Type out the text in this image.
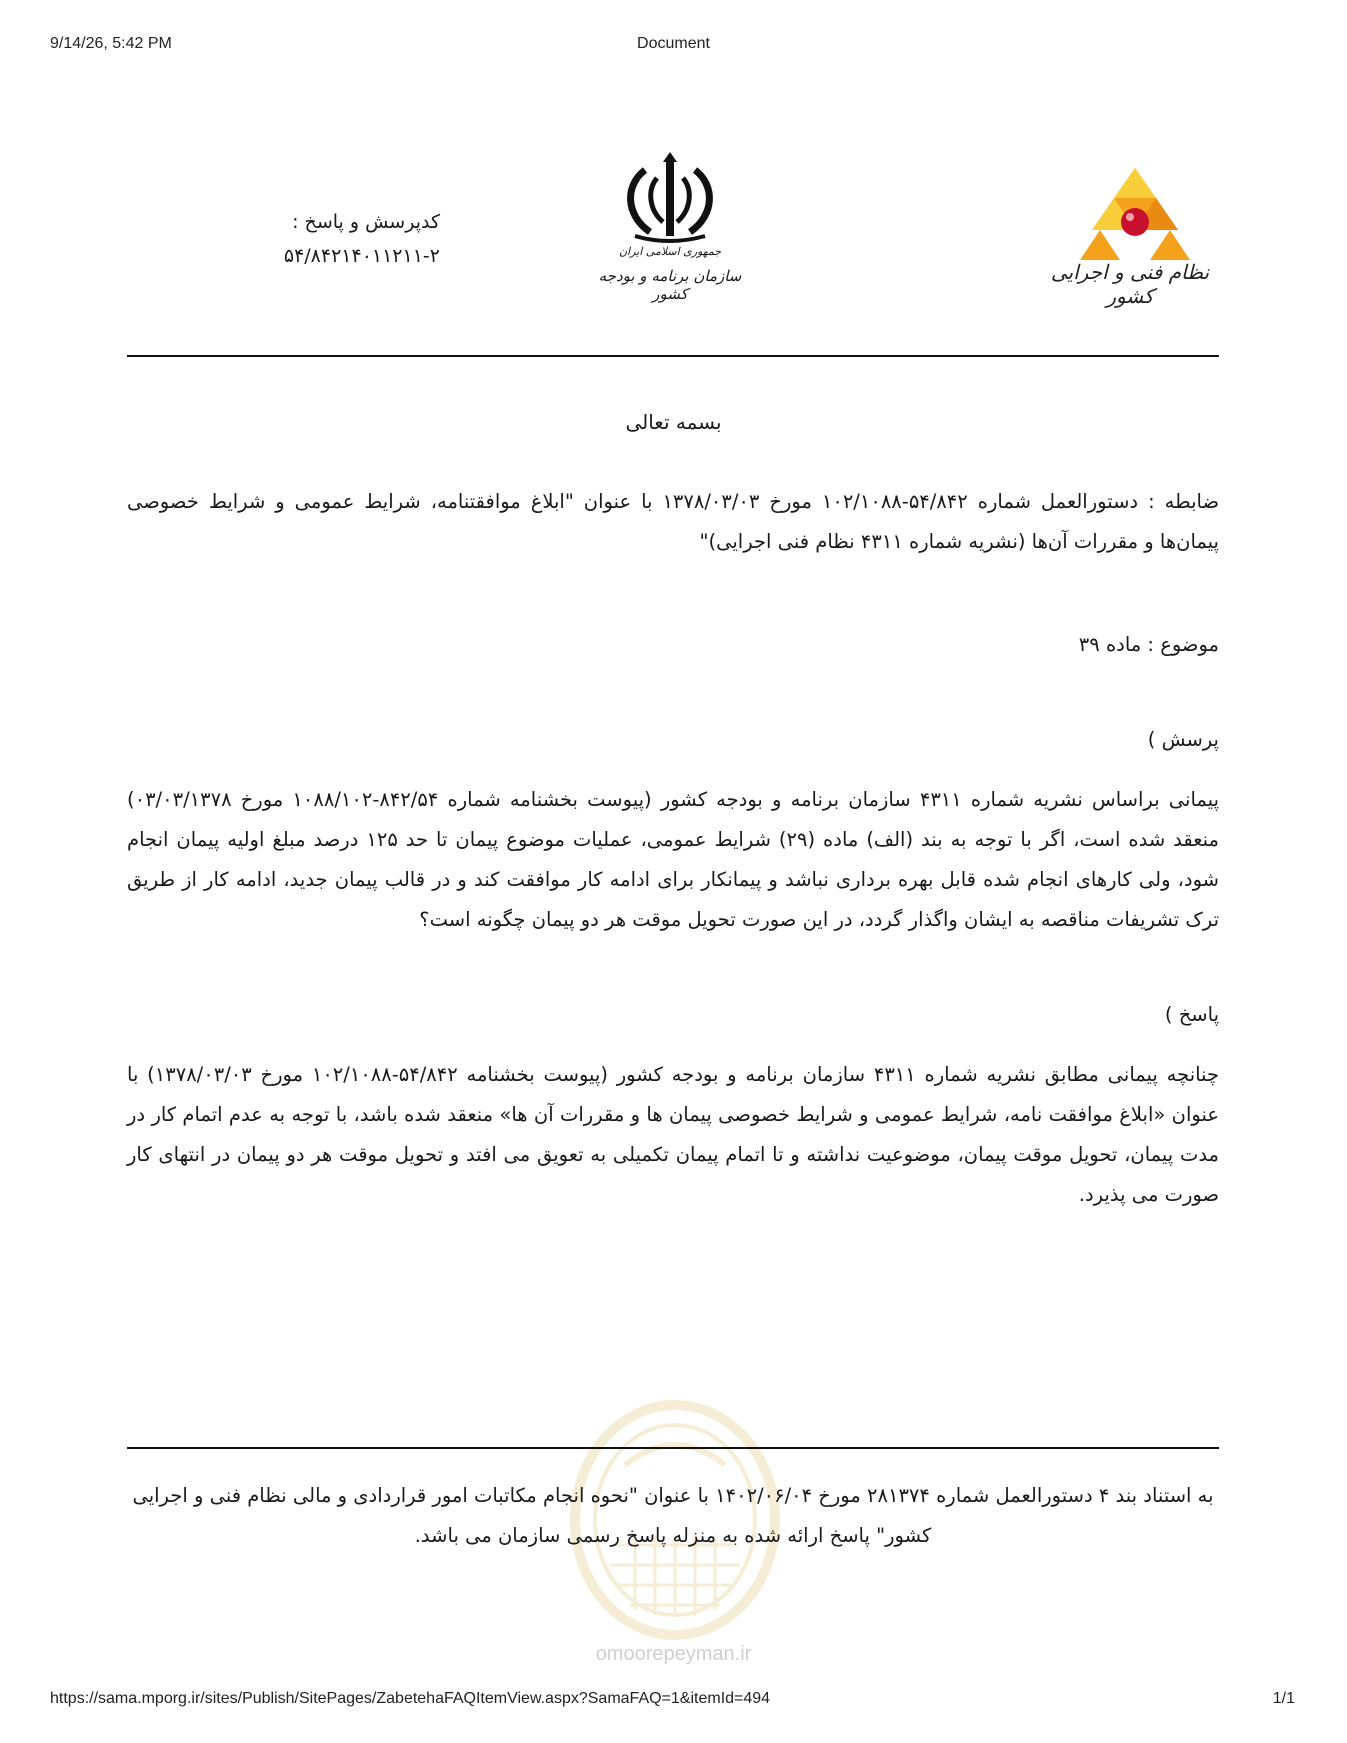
9/14/26, 5:42 PM	Document
نظام فنی و اجرایی کشور
جمهوری اسلامی ایران
سازمان برنامه و بودجه کشور
کدپرسش و پاسخ :
۵۴/۸۴۲۱۴۰۱۱۲۱۱-۲
بسمه تعالی
ضابطه : دستورالعمل شماره ۵۴/۸۴۲-۱۰۲/۱۰۸۸ مورخ ۱۳۷۸/۰۳/۰۳ با عنوان "ابلاغ موافقتنامه، شرایط عمومی و شرایط خصوصی پیمان‌ها و مقررات آن‌ها (نشریه شماره ۴۳۱۱ نظام فنی اجرایی)"
موضوع : ماده ۳۹
پرسش )
پیمانی براساس نشریه شماره ۴۳۱۱ سازمان برنامه و بودجه کشور (پیوست بخشنامه شماره ۸۴۲/۵۴-۱۰۸۸/۱۰۲ مورخ ۰۳/۰۳/۱۳۷۸) منعقد شده است، اگر با توجه به بند (الف) ماده (۲۹) شرایط عمومی، عملیات موضوع پیمان تا حد ۱۲۵ درصد مبلغ اولیه پیمان انجام شود، ولی کارهای انجام شده قابل بهره برداری نباشد و پیمانکار برای ادامه کار موافقت کند و در قالب پیمان جدید، ادامه کار از طریق ترک تشریفات مناقصه به ایشان واگذار گردد، در این صورت تحویل موقت هر دو پیمان چگونه است؟
پاسخ )
چنانچه پیمانی مطابق نشریه شماره ۴۳۱۱ سازمان برنامه و بودجه کشور (پیوست بخشنامه ۵۴/۸۴۲-۱۰۲/۱۰۸۸ مورخ ۱۳۷۸/۰۳/۰۳) با عنوان «ابلاغ موافقت نامه، شرایط عمومی و شرایط خصوصی پیمان ها و مقررات آن ها» منعقد شده باشد، با توجه به عدم اتمام کار در مدت پیمان، تحویل موقت پیمان، موضوعیت نداشته و تا اتمام پیمان تکمیلی به تعویق می افتد و تحویل موقت هر دو پیمان در انتهای کار صورت می پذیرد.
به استناد بند ۴ دستورالعمل شماره ۲۸۱۳۷۴ مورخ ۱۴۰۲/۰۶/۰۴ با عنوان "نحوه انجام مکاتبات امور قراردادی و مالی نظام فنی و اجرایی کشور" پاسخ ارائه شده به منزله پاسخ رسمی سازمان می باشد.
omoorepeyman.ir
https://sama.mporg.ir/sites/Publish/SitePages/ZabetehaFAQItemView.aspx?SamaFAQ=1&itemId=494	1/1
